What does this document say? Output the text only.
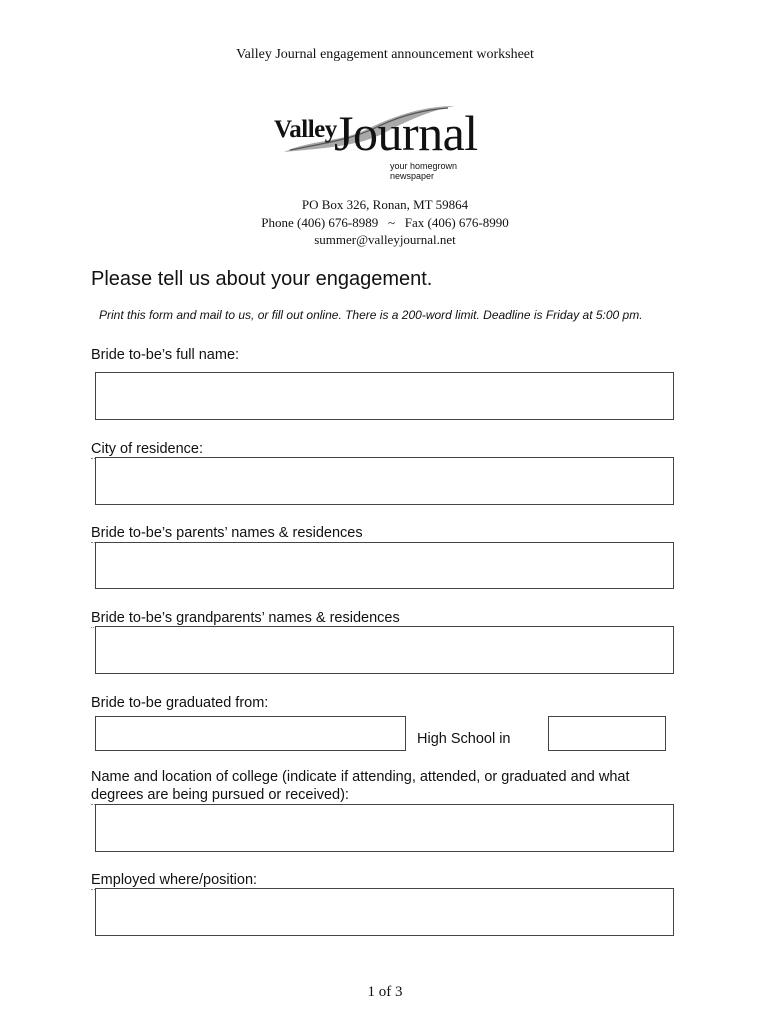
Valley Journal engagement announcement worksheet
Valley
Journal
your homegrown newspaper
PO Box 326, Ronan, MT 59864
Phone (406) 676-8989   ~   Fax (406) 676-8990
summer@valleyjournal.net
Please tell us about your engagement.
Print this form and mail to us, or fill out online. There is a 200-word limit. Deadline is Friday at 5:00 pm.
Bride to-be’s full name:
City of residence:
Bride to-be’s parents’ names & residences
Bride to-be’s grandparents’ names & residences
Bride to-be graduated from:
High School in
Name and location of college (indicate if attending, attended, or graduated and what
degrees are being pursued or received):
Employed where/position:
1 of 3
